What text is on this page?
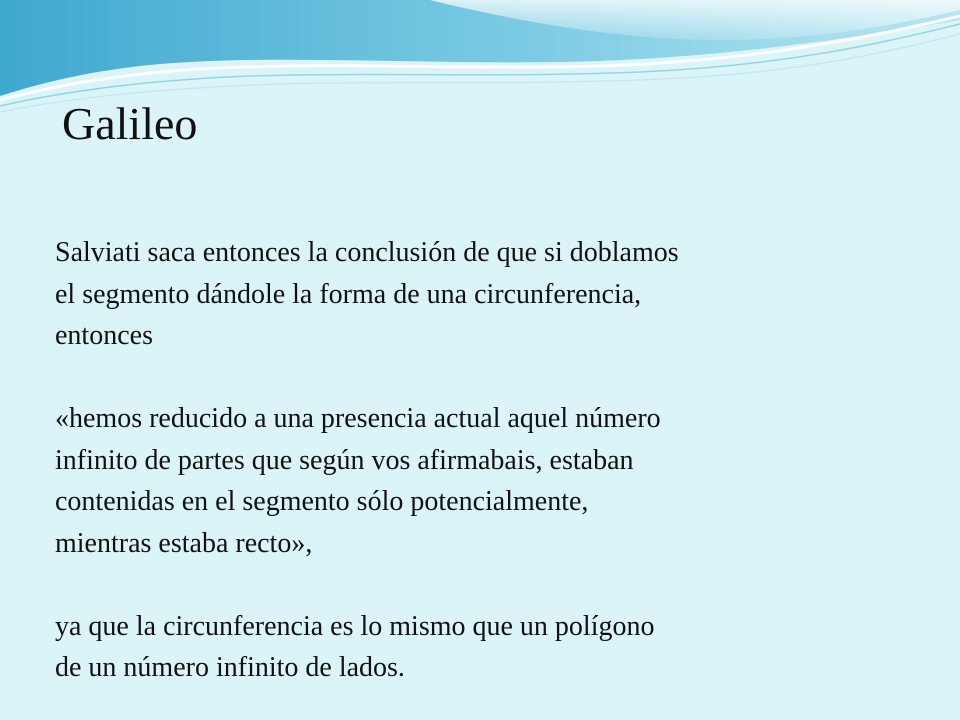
Galileo

Salviati saca entonces la conclusión de que si doblamos

el segmento dándole la forma de una circunferencia,

entonces

«hemos reducido a una presencia actual aquel número

infinito de partes que según vos afirmabais, estaban

contenidas en el segmento sólo potencialmente,

mientras estaba recto»,

ya que la circunferencia es lo mismo que un polígono

de un número infinito de lados.
